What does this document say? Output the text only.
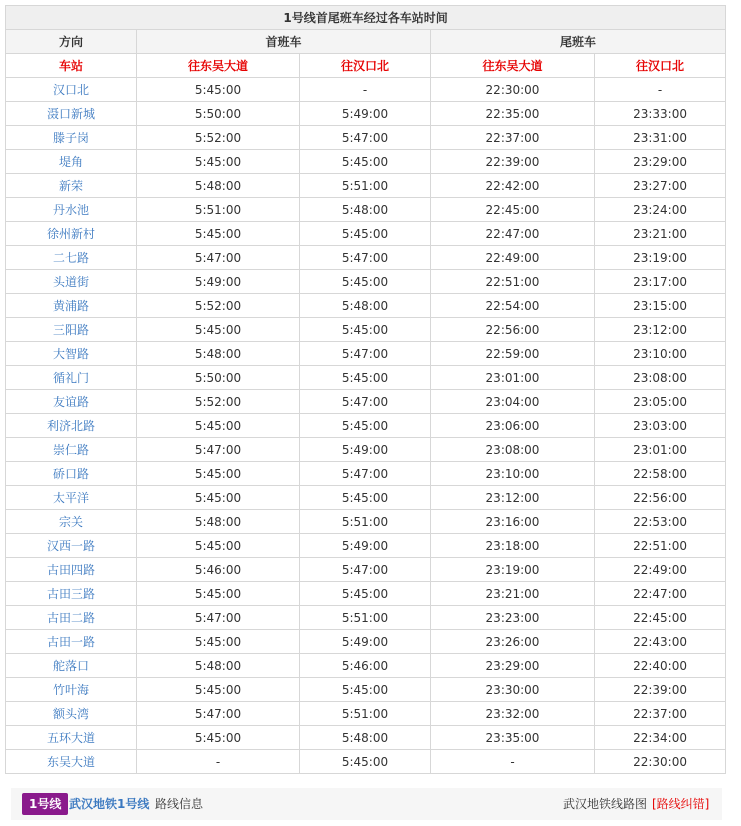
1号线首尾班车经过各车站时间				
方向	首班车		尾班车	
车站	往东吴大道	往汉口北	往东吴大道	往汉口北
汉口北	5:45:00	-	22:30:00	-
滠口新城	5:50:00	5:49:00	22:35:00	23:33:00
滕子岗	5:52:00	5:47:00	22:37:00	23:31:00
堤角	5:45:00	5:45:00	22:39:00	23:29:00
新荣	5:48:00	5:51:00	22:42:00	23:27:00
丹水池	5:51:00	5:48:00	22:45:00	23:24:00
徐州新村	5:45:00	5:45:00	22:47:00	23:21:00
二七路	5:47:00	5:47:00	22:49:00	23:19:00
头道街	5:49:00	5:45:00	22:51:00	23:17:00
黄浦路	5:52:00	5:48:00	22:54:00	23:15:00
三阳路	5:45:00	5:45:00	22:56:00	23:12:00
大智路	5:48:00	5:47:00	22:59:00	23:10:00
循礼门	5:50:00	5:45:00	23:01:00	23:08:00
友谊路	5:52:00	5:47:00	23:04:00	23:05:00
利济北路	5:45:00	5:45:00	23:06:00	23:03:00
崇仁路	5:47:00	5:49:00	23:08:00	23:01:00
硚口路	5:45:00	5:47:00	23:10:00	22:58:00
太平洋	5:45:00	5:45:00	23:12:00	22:56:00
宗关	5:48:00	5:51:00	23:16:00	22:53:00
汉西一路	5:45:00	5:49:00	23:18:00	22:51:00
古田四路	5:46:00	5:47:00	23:19:00	22:49:00
古田三路	5:45:00	5:45:00	23:21:00	22:47:00
古田二路	5:47:00	5:51:00	23:23:00	22:45:00
古田一路	5:45:00	5:49:00	23:26:00	22:43:00
舵落口	5:48:00	5:46:00	23:29:00	22:40:00
竹叶海	5:45:00	5:45:00	23:30:00	22:39:00
额头湾	5:47:00	5:51:00	23:32:00	22:37:00
五环大道	5:45:00	5:48:00	23:35:00	22:34:00
东吴大道	-	5:45:00	-	22:30:00
1号线 武汉地铁1号线 路线信息	武汉地铁线路图 [路线纠错]
